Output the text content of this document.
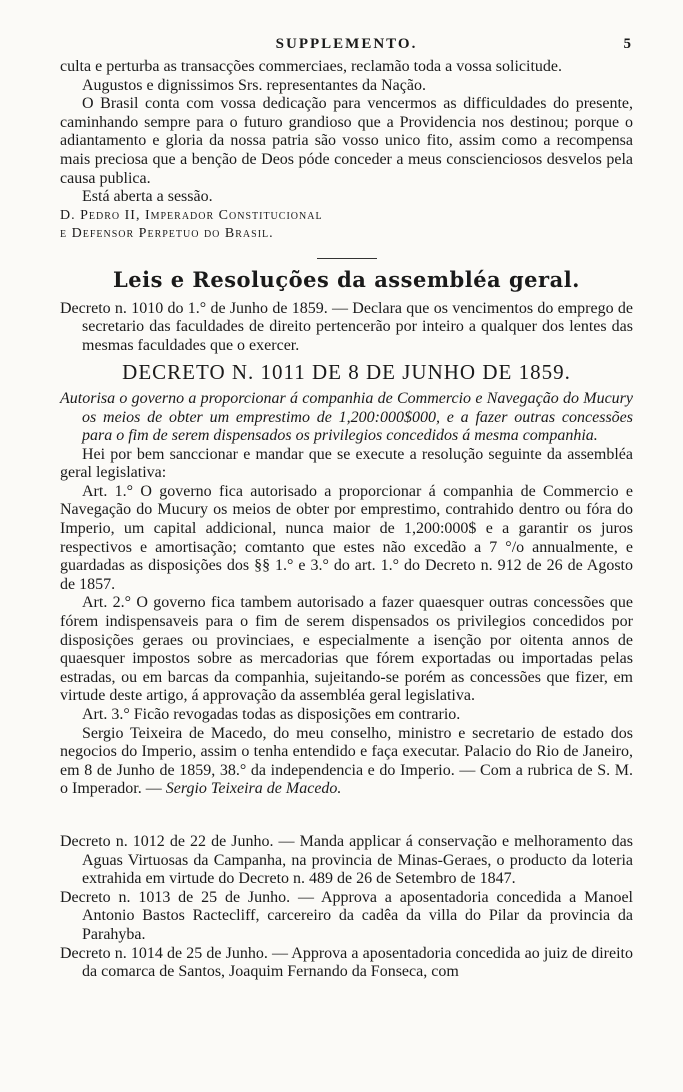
SUPPLEMENTO.	5

culta e perturba as transacções commerciaes, reclamão toda a vossa solicitude.

Augustos e dignissimos Srs. representantes da Nação.

O Brasil conta com vossa dedicação para vencermos as difficuldades do presente, caminhando sempre para o futuro grandioso que a Providencia nos destinou; porque o adiantamento e gloria da nossa patria são vosso unico fito, assim como a recompensa mais preciosa que a benção de Deos póde conceder a meus conscienciosos desvelos pela causa publica.

Está aberta a sessão.

D. Pedro II, Imperador Constitucional

e Defensor Perpetuo do Brasil.

Leis e Resoluções da assembléa geral.

Decreto n. 1010 do 1.° de Junho de 1859. — Declara que os vencimentos do emprego de secretario das faculdades de direito pertencerão por inteiro a qualquer dos lentes das mesmas faculdades que o exercer.

DECRETO N. 1011 DE 8 DE JUNHO DE 1859.

Autorisa o governo a proporcionar á companhia de Commercio e Navegação do Mucury os meios de obter um emprestimo de 1,200:000$000, e a fazer outras concessões para o fim de serem dispensados os privilegios concedidos á mesma companhia.

Hei por bem sanccionar e mandar que se execute a resolução seguinte da assembléa geral legislativa:

Art. 1.° O governo fica autorisado a proporcionar á companhia de Commercio e Navegação do Mucury os meios de obter por emprestimo, contrahido dentro ou fóra do Imperio, um capital addicional, nunca maior de 1,200:000$ e a garantir os juros respectivos e amortisação; comtanto que estes não excedão a 7 °/o annualmente, e guardadas as disposições dos §§ 1.° e 3.° do art. 1.° do Decreto n. 912 de 26 de Agosto de 1857.

Art. 2.° O governo fica tambem autorisado a fazer quaesquer outras concessões que fórem indispensaveis para o fim de serem dispensados os privilegios concedidos por disposições geraes ou provinciaes, e especialmente a isenção por oitenta annos de quaesquer impostos sobre as mercadorias que fórem exportadas ou importadas pelas estradas, ou em barcas da companhia, sujeitando-se porém as concessões que fizer, em virtude deste artigo, á approvação da assembléa geral legislativa.

Art. 3.° Ficão revogadas todas as disposições em contrario.

Sergio Teixeira de Macedo, do meu conselho, ministro e secretario de estado dos negocios do Imperio, assim o tenha entendido e faça executar. Palacio do Rio de Janeiro, em 8 de Junho de 1859, 38.° da independencia e do Imperio. — Com a rubrica de S. M. o Imperador. — Sergio Teixeira de Macedo.

Decreto n. 1012 de 22 de Junho. — Manda applicar á conservação e melhoramento das Aguas Virtuosas da Campanha, na provincia de Minas-Geraes, o producto da loteria extrahida em virtude do Decreto n. 489 de 26 de Setembro de 1847.

Decreto n. 1013 de 25 de Junho. — Approva a aposentadoria concedida a Manoel Antonio Bastos Ractecliff, carcereiro da cadêa da villa do Pilar da provincia da Parahyba.

Decreto n. 1014 de 25 de Junho. — Approva a aposentadoria concedida ao juiz de direito da comarca de Santos, Joaquim Fernando da Fonseca, com
